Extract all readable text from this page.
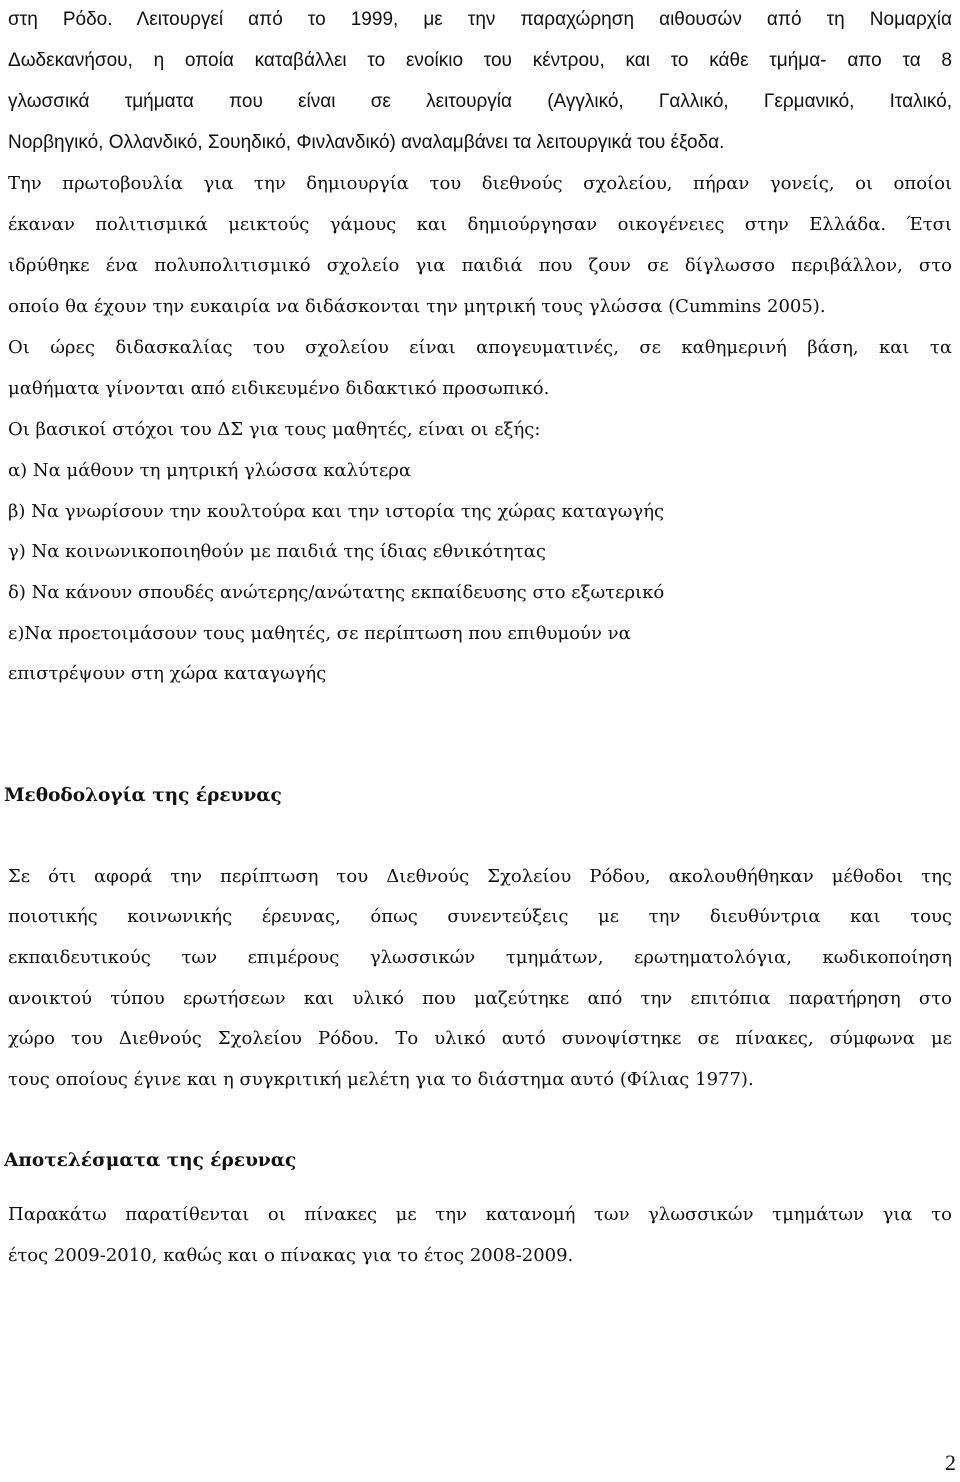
στη Ρόδο. Λειτουργεί από το 1999, με την παραχώρηση αιθουσών από τη Νομαρχία
Δωδεκανήσου, η οποία καταβάλλει το ενοίκιο του κέντρου, και το κάθε τμήμα- απο τα 8
γλωσσικά τμήματα που είναι σε λειτουργία (Αγγλικό, Γαλλικό, Γερμανικό, Ιταλικό,
Νορβηγικό, Ολλανδικό, Σουηδικό, Φινλανδικό) αναλαμβάνει τα λειτουργικά του έξοδα.
Την πρωτοβουλία για την δημιουργία του διεθνούς σχολείου, πήραν γονείς, οι οποίοι
έκαναν πολιτισμικά μεικτούς γάμους και δημιούργησαν οικογένειες στην Ελλάδα. Έτσι
ιδρύθηκε ένα πολυπολιτισμικό σχολείο για παιδιά που ζουν σε δίγλωσσο περιβάλλον, στο
οποίο θα έχουν την ευκαιρία να διδάσκονται την μητρική τους γλώσσα (Cummins 2005).
Οι ώρες διδασκαλίας του σχολείου είναι απογευματινές, σε καθημερινή βάση, και τα
μαθήματα γίνονται από ειδικευμένο διδακτικό προσωπικό.
Οι βασικοί στόχοι του ΔΣ για τους μαθητές, είναι οι εξής:
α) Να μάθουν τη μητρική γλώσσα καλύτερα
β) Να γνωρίσουν την κουλτούρα και την ιστορία της χώρας καταγωγής
γ) Να κοινωνικοποιηθούν με παιδιά της ίδιας εθνικότητας
δ) Να κάνουν σπουδές ανώτερης/ανώτατης εκπαίδευσης στο εξωτερικό
ε)Να προετοιμάσουν τους μαθητές, σε περίπτωση που επιθυμούν να
επιστρέψουν στη χώρα καταγωγής
Μεθοδολογία της έρευνας
Σε ότι αφορά την περίπτωση του Διεθνούς Σχολείου Ρόδου, ακολουθήθηκαν μέθοδοι της
ποιοτικής κοινωνικής έρευνας, όπως συνεντεύξεις με την διευθύντρια και τους
εκπαιδευτικούς των επιμέρους γλωσσικών τμημάτων, ερωτηματολόγια, κωδικοποίηση
ανοικτού τύπου ερωτήσεων και υλικό που μαζεύτηκε από την επιτόπια παρατήρηση στο
χώρο του Διεθνούς Σχολείου Ρόδου. Το υλικό αυτό συνοψίστηκε σε πίνακες, σύμφωνα με
τους οποίους έγινε και η συγκριτική μελέτη για το διάστημα αυτό (Φίλιας 1977).
Αποτελέσματα της έρευνας
Παρακάτω παρατίθενται οι πίνακες με την κατανομή των γλωσσικών τμημάτων για το
έτος 2009-2010, καθώς και ο πίνακας για το έτος 2008-2009.
2
